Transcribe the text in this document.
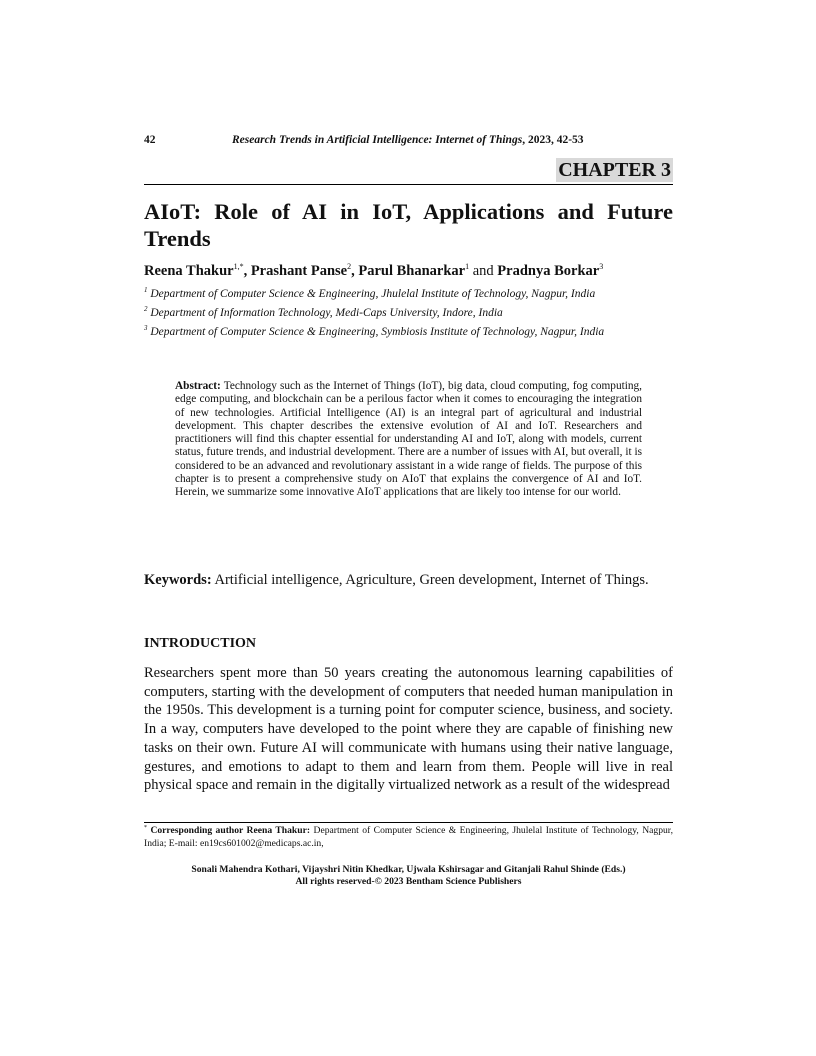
42	Research Trends in Artificial Intelligence: Internet of Things, 2023, 42-53
CHAPTER 3
AIoT: Role of AI in IoT, Applications and Future Trends
Reena Thakur$^{1,*}$, Prashant Panse$^2$, Parul Bhanarkar$^1$ and Pradnya Borkar$^3$
$^1$ Department of Computer Science & Engineering, Jhulelal Institute of Technology, Nagpur, India
$^2$ Department of Information Technology, Medi-Caps University, Indore, India
$^3$ Department of Computer Science & Engineering, Symbiosis Institute of Technology, Nagpur, India
Abstract: Technology such as the Internet of Things (IoT), big data, cloud computing, fog computing, edge computing, and blockchain can be a perilous factor when it comes to encouraging the integration of new technologies. Artificial Intelligence (AI) is an integral part of agricultural and industrial development. This chapter describes the extensive evolution of AI and IoT. Researchers and practitioners will find this chapter essential for understanding AI and IoT, along with models, current status, future trends, and industrial development. There are a number of issues with AI, but overall, it is considered to be an advanced and revolutionary assistant in a wide range of fields. The purpose of this chapter is to present a comprehensive study on AIoT that explains the convergence of AI and IoT. Herein, we summarize some innovative AIoT applications that are likely too intense for our world.
Keywords: Artificial intelligence, Agriculture, Green development, Internet of Things.
INTRODUCTION
Researchers spent more than 50 years creating the autonomous learning capabilities of computers, starting with the development of computers that needed human manipulation in the 1950s. This development is a turning point for computer science, business, and society. In a way, computers have developed to the point where they are capable of finishing new tasks on their own. Future AI will communicate with humans using their native language, gestures, and emotions to adapt to them and learn from them. People will live in real physical space and remain in the digitally virtualized network as a result of the widespread
* Corresponding author Reena Thakur: Department of Computer Science & Engineering, Jhulelal Institute of Technology, Nagpur, India; E-mail: en19cs601002@medicaps.ac.in,
Sonali Mahendra Kothari, Vijayshri Nitin Khedkar, Ujwala Kshirsagar and Gitanjali Rahul Shinde (Eds.)
All rights reserved-© 2023 Bentham Science Publishers
